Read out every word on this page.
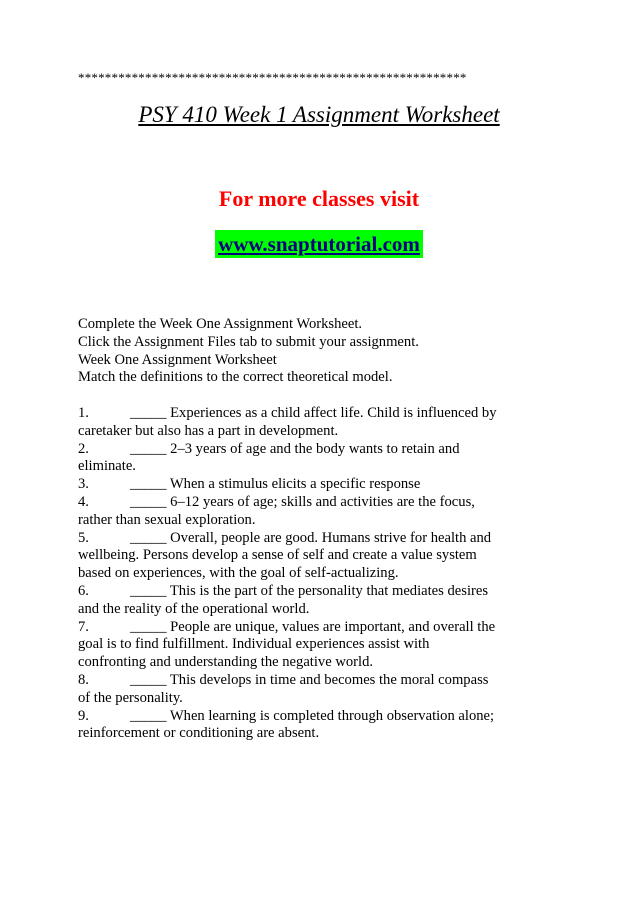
**********************************************************
PSY 410 Week 1 Assignment Worksheet
For more classes visit
www.snaptutorial.com
Complete the Week One Assignment Worksheet.
Click the Assignment Files tab to submit your assignment.
Week One Assignment Worksheet
Match the definitions to the correct theoretical model.
1.	_____ Experiences as a child affect life. Child is influenced by
caretaker but also has a part in development.
2.	_____ 2–3 years of age and the body wants to retain and
eliminate.
3.	_____ When a stimulus elicits a specific response
4.	_____ 6–12 years of age; skills and activities are the focus,
rather than sexual exploration.
5.	_____ Overall, people are good. Humans strive for health and
wellbeing. Persons develop a sense of self and create a value system
based on experiences, with the goal of self-actualizing.
6.	_____ This is the part of the personality that mediates desires
and the reality of the operational world.
7.	_____ People are unique, values are important, and overall the
goal is to find fulfillment. Individual experiences assist with
confronting and understanding the negative world.
8.	_____ This develops in time and becomes the moral compass
of the personality.
9.	_____ When learning is completed through observation alone;
reinforcement or conditioning are absent.
